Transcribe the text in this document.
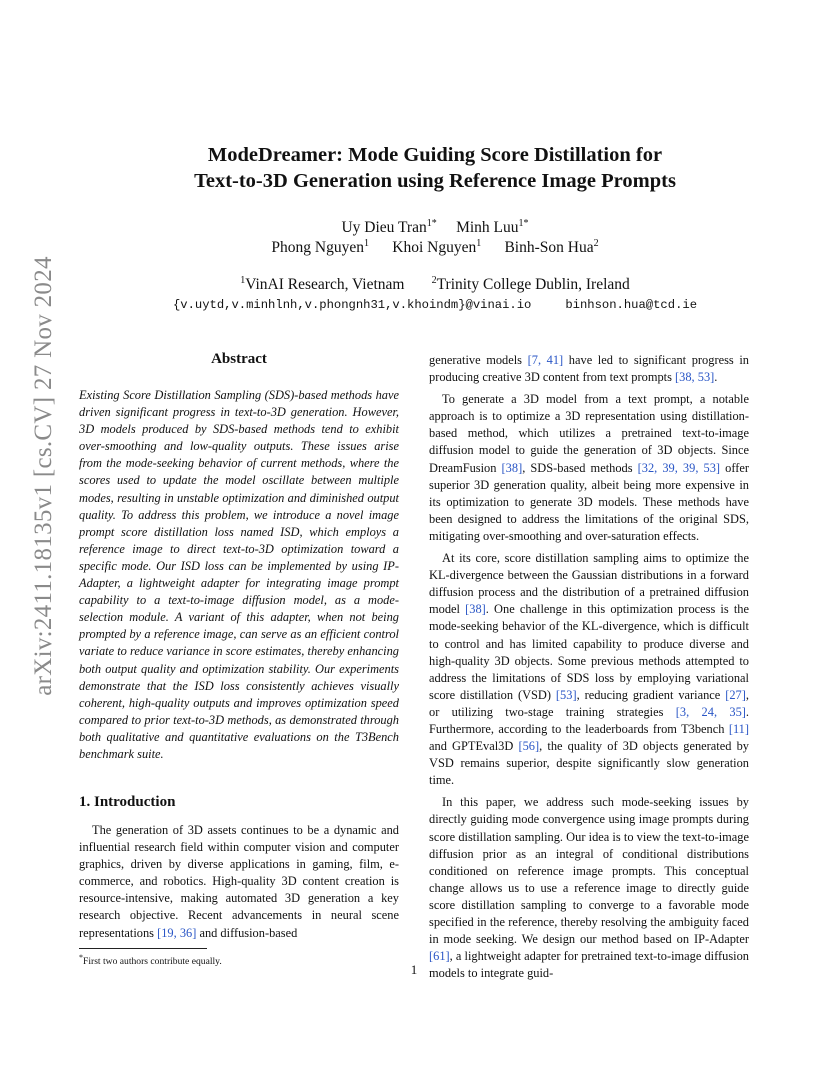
arXiv:2411.18135v1 [cs.CV] 27 Nov 2024
ModeDreamer: Mode Guiding Score Distillation for
Text-to-3D Generation using Reference Image Prompts
Uy Dieu Tran$^{1*}$ Minh Luu$^{1*}$
Phong Nguyen$^1$ Khoi Nguyen$^1$ Binh-Son Hua$^2$
$^1$VinAI Research, Vietnam	$^2$Trinity College Dublin, Ireland
{v.uytd,v.minhlnh,v.phongnh31,v.khoindm}@vinai.io	binhson.hua@tcd.ie
Abstract

Existing Score Distillation Sampling (SDS)-based methods have driven significant progress in text-to-3D generation. However, 3D models produced by SDS-based methods tend to exhibit over-smoothing and low-quality outputs. These issues arise from the mode-seeking behavior of current methods, where the scores used to update the model oscillate between multiple modes, resulting in unstable optimization and diminished output quality. To address this problem, we introduce a novel image prompt score distillation loss named ISD, which employs a reference image to direct text-to-3D optimization toward a specific mode. Our ISD loss can be implemented by using IP-Adapter, a lightweight adapter for integrating image prompt capability to a text-to-image diffusion model, as a mode-selection module. A variant of this adapter, when not being prompted by a reference image, can serve as an efficient control variate to reduce variance in score estimates, thereby enhancing both output quality and optimization stability. Our experiments demonstrate that the ISD loss consistently achieves visually coherent, high-quality outputs and improves optimization speed compared to prior text-to-3D methods, as demonstrated through both qualitative and quantitative evaluations on the T3Bench benchmark suite.

1. Introduction

The generation of 3D assets continues to be a dynamic and influential research field within computer vision and computer graphics, driven by diverse applications in gaming, film, e-commerce, and robotics. High-quality 3D content creation is resource-intensive, making automated 3D generation a key research objective. Recent advancements in neural scene representations [19, 36] and diffusion-based

generative models [7, 41] have led to significant progress in producing creative 3D content from text prompts [38, 53].

To generate a 3D model from a text prompt, a notable approach is to optimize a 3D representation using distillation-based method, which utilizes a pretrained text-to-image diffusion model to guide the generation of 3D objects. Since DreamFusion [38], SDS-based methods [32, 39, 39, 53] offer superior 3D generation quality, albeit being more expensive in its optimization to generate 3D models. These methods have been designed to address the limitations of the original SDS, mitigating over-smoothing and over-saturation effects.

At its core, score distillation sampling aims to optimize the KL-divergence between the Gaussian distributions in a forward diffusion process and the distribution of a pretrained diffusion model [38]. One challenge in this optimization process is the mode-seeking behavior of the KL-divergence, which is difficult to control and has limited capability to produce diverse and high-quality 3D objects. Some previous methods attempted to address the limitations of SDS loss by employing variational score distillation (VSD) [53], reducing gradient variance [27], or utilizing two-stage training strategies [3, 24, 35]. Furthermore, according to the leaderboards from T3bench [11] and GPTEval3D [56], the quality of 3D objects generated by VSD remains superior, despite significantly slow generation time.

In this paper, we address such mode-seeking issues by directly guiding mode convergence using image prompts during score distillation sampling. Our idea is to view the text-to-image diffusion prior as an integral of conditional distributions conditioned on reference image prompts. This conceptual change allows us to use a reference image to directly guide score distillation sampling to converge to a favorable mode specified in the reference, thereby resolving the ambiguity faced in mode seeking. We design our method based on IP-Adapter [61], a lightweight adapter for pretrained text-to-image diffusion models to integrate guid-

*First two authors contribute equally.
1
